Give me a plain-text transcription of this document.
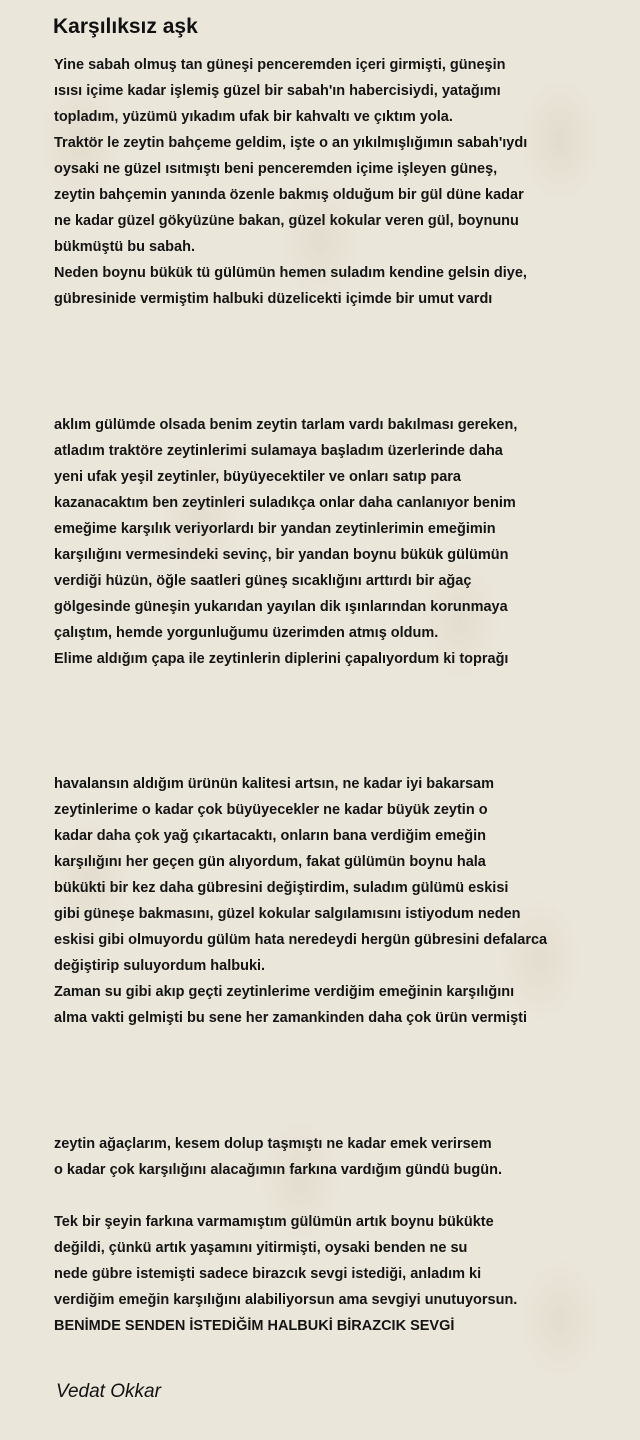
Karşılıksız aşk
Yine sabah olmuş tan güneşi penceremden içeri girmişti, güneşin
ısısı içime kadar işlemiş güzel bir sabah'ın habercisiydi, yatağımı
topladım, yüzümü yıkadım ufak bir kahvaltı ve çıktım yola.
Traktör le zeytin bahçeme geldim, işte o an yıkılmışlığımın sabah'ıydı
oysaki ne güzel ısıtmıştı beni penceremden içime işleyen güneş,
zeytin bahçemin yanında özenle bakmış olduğum bir gül düne kadar
ne kadar güzel gökyüzüne bakan, güzel kokular veren gül, boynunu
bükmüştü bu sabah.
Neden boynu bükük tü gülümün hemen suladım kendine gelsin diye,
gübresinide vermiştim halbuki düzelicekti içimde bir umut vardı
aklım gülümde olsada benim zeytin tarlam vardı bakılması gereken,
atladım traktöre zeytinlerimi sulamaya başladım üzerlerinde daha
yeni ufak yeşil zeytinler, büyüyecektiler ve onları satıp para
kazanacaktım ben zeytinleri suladıkça onlar daha canlanıyor benim
emeğime karşılık veriyorlardı bir yandan zeytinlerimin emeğimin
karşılığını vermesindeki sevinç, bir yandan boynu bükük gülümün
verdiği hüzün, öğle saatleri güneş sıcaklığını arttırdı bir ağaç
gölgesinde güneşin yukarıdan yayılan dik ışınlarından korunmaya
çalıştım, hemde yorgunluğumu üzerimden atmış oldum.
Elime aldığım çapa ile zeytinlerin diplerini çapalıyordum ki toprağı
havalansın aldığım ürünün kalitesi artsın, ne kadar iyi bakarsam
zeytinlerime o kadar çok büyüyecekler ne kadar büyük zeytin o
kadar daha çok yağ çıkartacaktı, onların bana verdiğim emeğin
karşılığını her geçen gün alıyordum, fakat gülümün boynu hala
bükükti bir kez daha gübresini değiştirdim, suladım gülümü eskisi
gibi güneşe bakmasını, güzel kokular salgılamısını istiyodum neden
eskisi gibi olmuyordu gülüm hata neredeydi hergün gübresini defalarca
değiştirip suluyordum halbuki.
Zaman su gibi akıp geçti zeytinlerime verdiğim emeğinin karşılığını
alma vakti gelmişti bu sene her zamankinden daha çok ürün vermişti
zeytin ağaçlarım, kesem dolup taşmıştı ne kadar emek verirsem
o kadar çok karşılığını alacağımın farkına vardığım gündü bugün.
Tek bir şeyin farkına varmamıştım gülümün artık boynu bükükte
değildi, çünkü artık yaşamını yitirmişti, oysaki benden ne su
nede gübre istemişti sadece birazcık sevgi istediği, anladım ki
verdiğim emeğin karşılığını alabiliyorsun ama sevgiyi unutuyorsun.
BENİMDE SENDEN İSTEDİĞİM HALBUKİ BİRAZCIK SEVGİ

Vedat Okkar
